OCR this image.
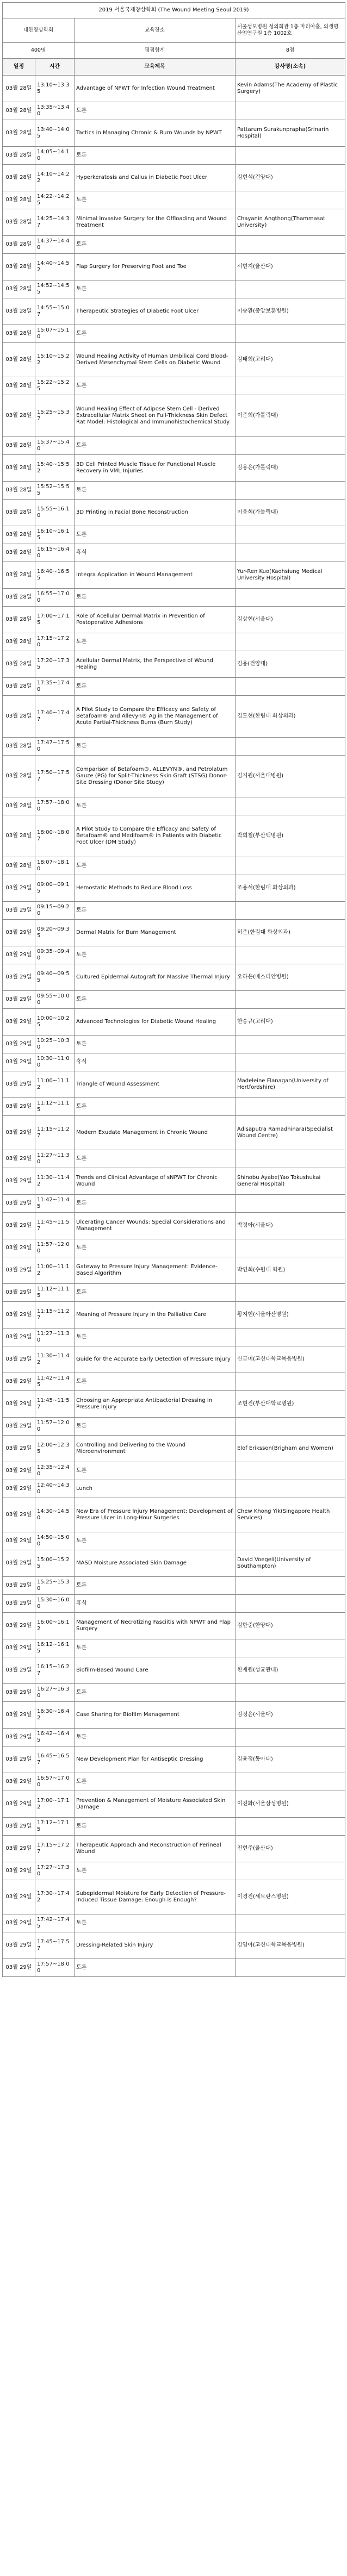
2019 서울국제창상학회 (The Wound Meeting Seoul 2019)			
대한창상학회		교육장소	서울성모병원 성의회관 1층 마리아홀, 의생명산업연구원 1층 1002호
400명		평점합계	8점
일정	시간	교육제목	강사명(소속)
03월 28일	13:10~13:35	Advantage of NPWT for Infection Wound Treatment	Kevin Adams(The Academy of Plastic Surgery)
03월 28일	13:35~13:40	토론	
03월 28일	13:40~14:05	Tactics in Managing Chronic & Burn Wounds by NPWT	Pattarum Surakunprapha(Srinarin Hospital)
03월 28일	14:05~14:10	토론	
03월 28일	14:10~14:22	Hyperkeratosis and Callus in Diabetic Foot Ulcer	김현석(건양대)
03월 28일	14:22~14:25	토론	
03월 28일	14:25~14:37	Minimal Invasive Surgery for the Offloading and Wound Treatment	Chayanin Angthong(Thammasat University)
03월 28일	14:37~14:40	토론	
03월 28일	14:40~14:52	Flap Surgery for Preserving Foot and Toe	서현지(울산대)
03월 28일	14:52~14:55	토론	
03월 28일	14:55~15:07	Therapeutic Strategies of Diabetic Foot Ulcer	이승환(중앙보훈병원)
03월 28일	15:07~15:10	토론	
03월 28일	15:10~15:22	Wound Healing Activity of Human Umbilical Cord Blood-Derived Mesenchymal Stem Cells on Diabetic Wound	김태희(고려대)
03월 28일	15:22~15:25	토론	
03월 28일	15:25~15:37	Wound Healing Effect of Adipose Stem Cell - Derived Extracellular Matrix Sheet on Full-Thickness Skin Defect Rat Model: Histological and Immunohistochemical Study	이준희(가톨릭대)
03월 28일	15:37~15:40	토론	
03월 28일	15:40~15:52	3D Cell Printed Muscle Tissue for Functional Muscle Recovery in VML Injuries	김용은(가톨릭대)
03월 28일	15:52~15:55	토론	
03월 28일	15:55~16:10	3D Printing in Facial Bone Reconstruction	이웅희(가톨릭대)
03월 28일	16:10~16:15	토론	
03월 28일	16:15~16:40	휴식	
03월 28일	16:40~16:55	Integra Application in Wound Management	Yur-Ren Kuo(Kaohsiung Medical University Hospital)
03월 28일	16:55~17:00	토론	
03월 28일	17:00~17:15	Role of Acellular Dermal Matrix in Prevention of Postoperative Adhesions	김상현(서울대)
03월 28일	17:15~17:20	토론	
03월 28일	17:20~17:35	Acellular Dermal Matrix, the Perspective of Wound Healing	김용(건양대)
03월 28일	17:35~17:40	토론	
03월 28일	17:40~17:47	A Pilot Study to Compare the Efficacy and Safety of Betafoam® and Allevyn® Ag in the Management of Acute Partial-Thickness Burns (Burn Study)	김도현(한림대 화상외과)
03월 28일	17:47~17:50	토론	
03월 28일	17:50~17:57	Comparison of Betafoam®, ALLEVYN®, and Petrolatum Gauze (PG) for Split-Thickness Skin Graft (STSG) Donor-Site Dressing (Donor Site Study)	김지원(서울대병원)
03월 28일	17:57~18:00	토론	
03월 28일	18:00~18:07	A Pilot Study to Compare the Efficacy and Safety of Betafoam® and Medifoam® in Patients with Diabetic Foot Ulcer (DM Study)	박희철(부산백병원)
03월 28일	18:07~18:10	토론	
03월 29일	09:00~09:15	Hemostatic Methods to Reduce Blood Loss	조용석(한림대 화상외과)
03월 29일	09:15~09:20	토론	
03월 29일	09:20~09:35	Dermal Matrix for Burn Management	허준(한림대 화상외과)
03월 29일	09:35~09:40	토론	
03월 29일	09:40~09:55	Cultured Epidermal Autograft for Massive Thermal Injury	오하은(베스티안병원)
03월 29일	09:55~10:00	토론	
03월 29일	10:00~10:25	Advanced Technologies for Diabetic Wound Healing	한승규(고려대)
03월 29일	10:25~10:30	토론	
03월 29일	10:30~11:00	휴식	
03월 29일	11:00~11:12	Triangle of Wound Assessment	Madeleine Flanagan(University of Hertfordshire)
03월 29일	11:12~11:15	토론	
03월 29일	11:15~11:27	Modern Exudate Management in Chronic Wound	Adisaputra Ramadhinara(Specialist Wound Centre)
03월 29일	11:27~11:30	토론	
03월 29일	11:30~11:42	Trends and Clinical Advantage of sNPWT for Chronic Wound	Shinobu Ayabe(Yao Tokushukai General Hospital)
03월 29일	11:42~11:45	토론	
03월 29일	11:45~11:57	Ulcerating Cancer Wounds: Special Considerations and Management	박정아(서울대)
03월 29일	11:57~12:00	토론	
03월 29일	11:00~11:12	Gateway to Pressure Injury Management: Evidence-Based Algorithm	박연희(수원대 학원)
03월 29일	11:12~11:15	토론	
03월 29일	11:15~11:27	Meaning of Pressure Injury in the Palliative Care	황지현(서울아산병원)
03월 29일	11:27~11:30	토론	
03월 29일	11:30~11:42	Guide for the Accurate Early Detection of Pressure Injury	신금미(고신대학교복음병원)
03월 29일	11:42~11:45	토론	
03월 29일	11:45~11:57	Choosing an Appropriate Antibacterial Dressing in Pressure Injury	조현진(부산대학교병원)
03월 29일	11:57~12:00	토론	
03월 29일	12:00~12:35	Controlling and Delivering to the Wound Microenvironment	Elof Eriksson(Brigham and Women)
03월 29일	12:35~12:40	토론	
03월 29일	12:40~14:30	Lunch	
03월 29일	14:30~14:50	New Era of Pressure Injury Management: Development of Pressure Ulcer in Long-Hour Surgeries	Chew Khong Yik(Singapore Health Services)
03월 29일	14:50~15:00	토론	
03월 29일	15:00~15:25	MASD Moisture Associated Skin Damage	David Voegeli(University of Southampton)
03월 29일	15:25~15:30	토론	
03월 29일	15:30~16:00	휴식	
03월 29일	16:00~16:12	Management of Necrotizing Fasciitis with NPWT and Flap Surgery	김한준(한양대)
03월 29일	16:12~16:15	토론	
03월 29일	16:15~16:27	Biofilm-Based Wound Care	한재원(성균관대)
03월 29일	16:27~16:30	토론	
03월 29일	16:30~16:42	Case Sharing for Biofilm Management	김정윤(서울대)
03월 29일	16:42~16:45	토론	
03월 29일	16:45~16:57	New Development Plan for Antiseptic Dressing	김윤정(동아대)
03월 29일	16:57~17:00	토론	
03월 29일	17:00~17:12	Prevention & Management of Moisture Associated Skin Damage	이진화(서울삼성병원)
03월 29일	17:12~17:15	토론	
03월 29일	17:15~17:27	Therapeutic Approach and Reconstruction of Perineal Wound	진현주(울산대)
03월 29일	17:27~17:30	토론	
03월 29일	17:30~17:42	Subepidermal Moisture for Early Detection of Pressure-Induced Tissue Damage: Enough is Enough?	이경진(세브란스병원)
03월 29일	17:42~17:45	토론	
03월 29일	17:45~17:57	Dressing-Related Skin Injury	김영아(고신대학교복음병원)
03월 29일	17:57~18:00	토론	
